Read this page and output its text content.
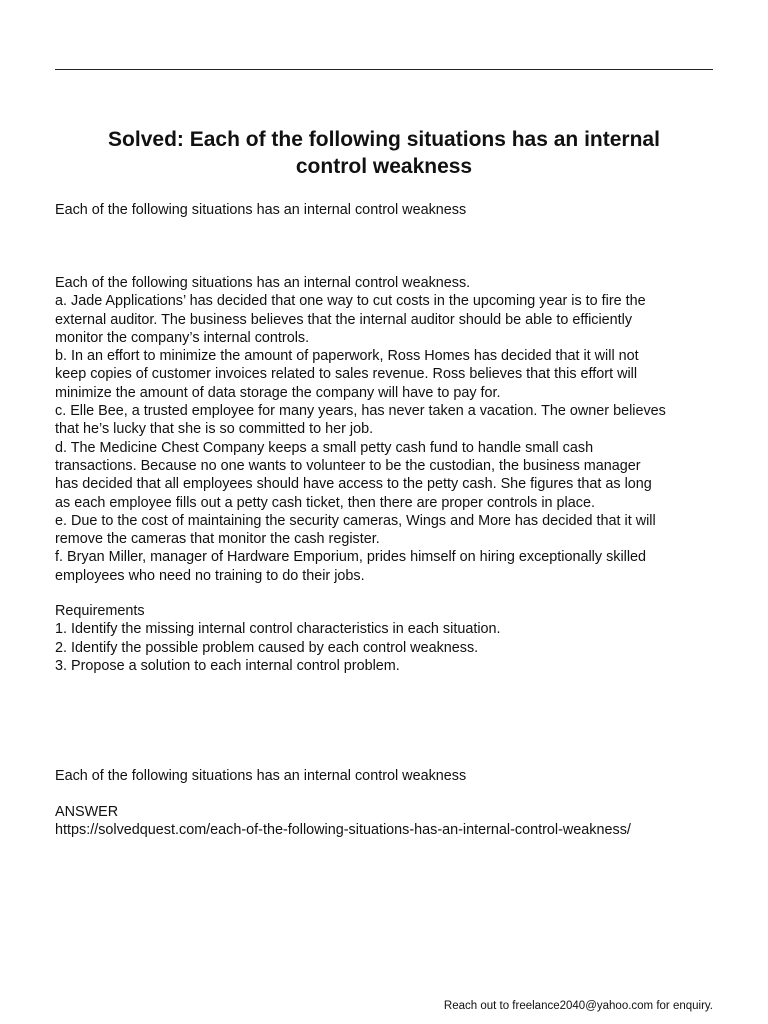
Solved: Each of the following situations has an internal
control weakness

Each of the following situations has an internal control weakness

Each of the following situations has an internal control weakness.
a. Jade Applications’ has decided that one way to cut costs in the upcoming year is to fire the
external auditor. The business believes that the internal auditor should be able to efficiently
monitor the company’s internal controls.
b. In an effort to minimize the amount of paperwork, Ross Homes has decided that it will not
keep copies of customer invoices related to sales revenue. Ross believes that this effort will
minimize the amount of data storage the company will have to pay for.
c. Elle Bee, a trusted employee for many years, has never taken a vacation. The owner believes
that he’s lucky that she is so committed to her job.
d. The Medicine Chest Company keeps a small petty cash fund to handle small cash
transactions. Because no one wants to volunteer to be the custodian, the business manager
has decided that all employees should have access to the petty cash. She figures that as long
as each employee fills out a petty cash ticket, then there are proper controls in place.
e. Due to the cost of maintaining the security cameras, Wings and More has decided that it will
remove the cameras that monitor the cash register.
f. Bryan Miller, manager of Hardware Emporium, prides himself on hiring exceptionally skilled
employees who need no training to do their jobs.
Requirements
1. Identify the missing internal control characteristics in each situation.
2. Identify the possible problem caused by each control weakness.
3. Propose a solution to each internal control problem.

Each of the following situations has an internal control weakness

ANSWER
https://solvedquest.com/each-of-the-following-situations-has-an-internal-control-weakness/
Reach out to freelance2040@yahoo.com for enquiry.
